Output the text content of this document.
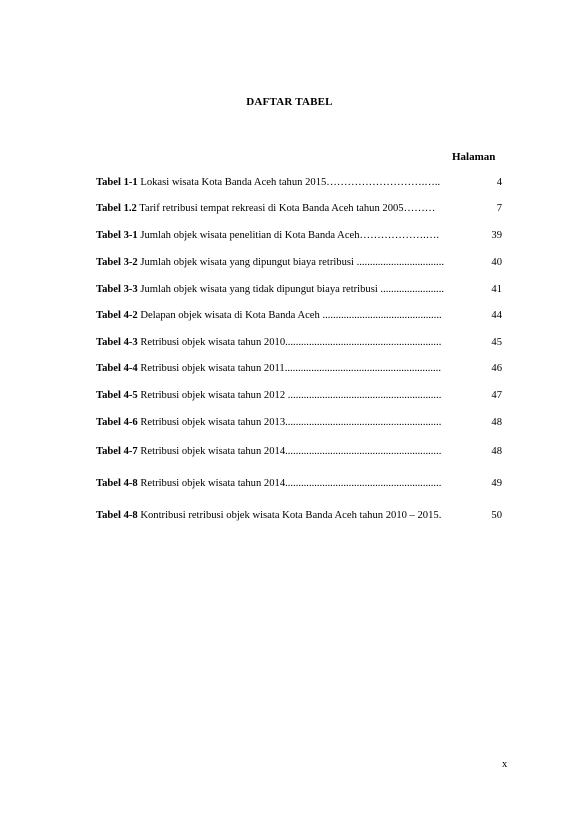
DAFTAR TABEL
Halaman
Tabel 1-1 Lokasi wisata Kota Banda Aceh tahun 2015……………………….…..	4
Tabel 1.2 Tarif retribusi tempat rekreasi di Kota Banda Aceh tahun 2005………	7
Tabel 3-1 Jumlah objek wisata penelitian di Kota Banda Aceh……………….….	39
Tabel 3-2 Jumlah objek wisata yang dipungut biaya retribusi .................................	40
Tabel 3-3 Jumlah objek wisata yang tidak dipungut biaya retribusi ........................	41
Tabel 4-2 Delapan objek wisata di Kota Banda Aceh .............................................	44
Tabel 4-3 Retribusi objek wisata tahun 2010...........................................................	45
Tabel 4-4 Retribusi objek wisata tahun 2011...........................................................	46
Tabel 4-5 Retribusi objek wisata tahun 2012 ..........................................................	47
Tabel 4-6 Retribusi objek wisata tahun 2013...........................................................	48
Tabel 4-7 Retribusi objek wisata tahun 2014...........................................................	48
Tabel 4-8 Retribusi objek wisata tahun 2014...........................................................	49
Tabel 4-8 Kontribusi retribusi objek wisata Kota Banda Aceh tahun 2010 – 2015.	50
x
